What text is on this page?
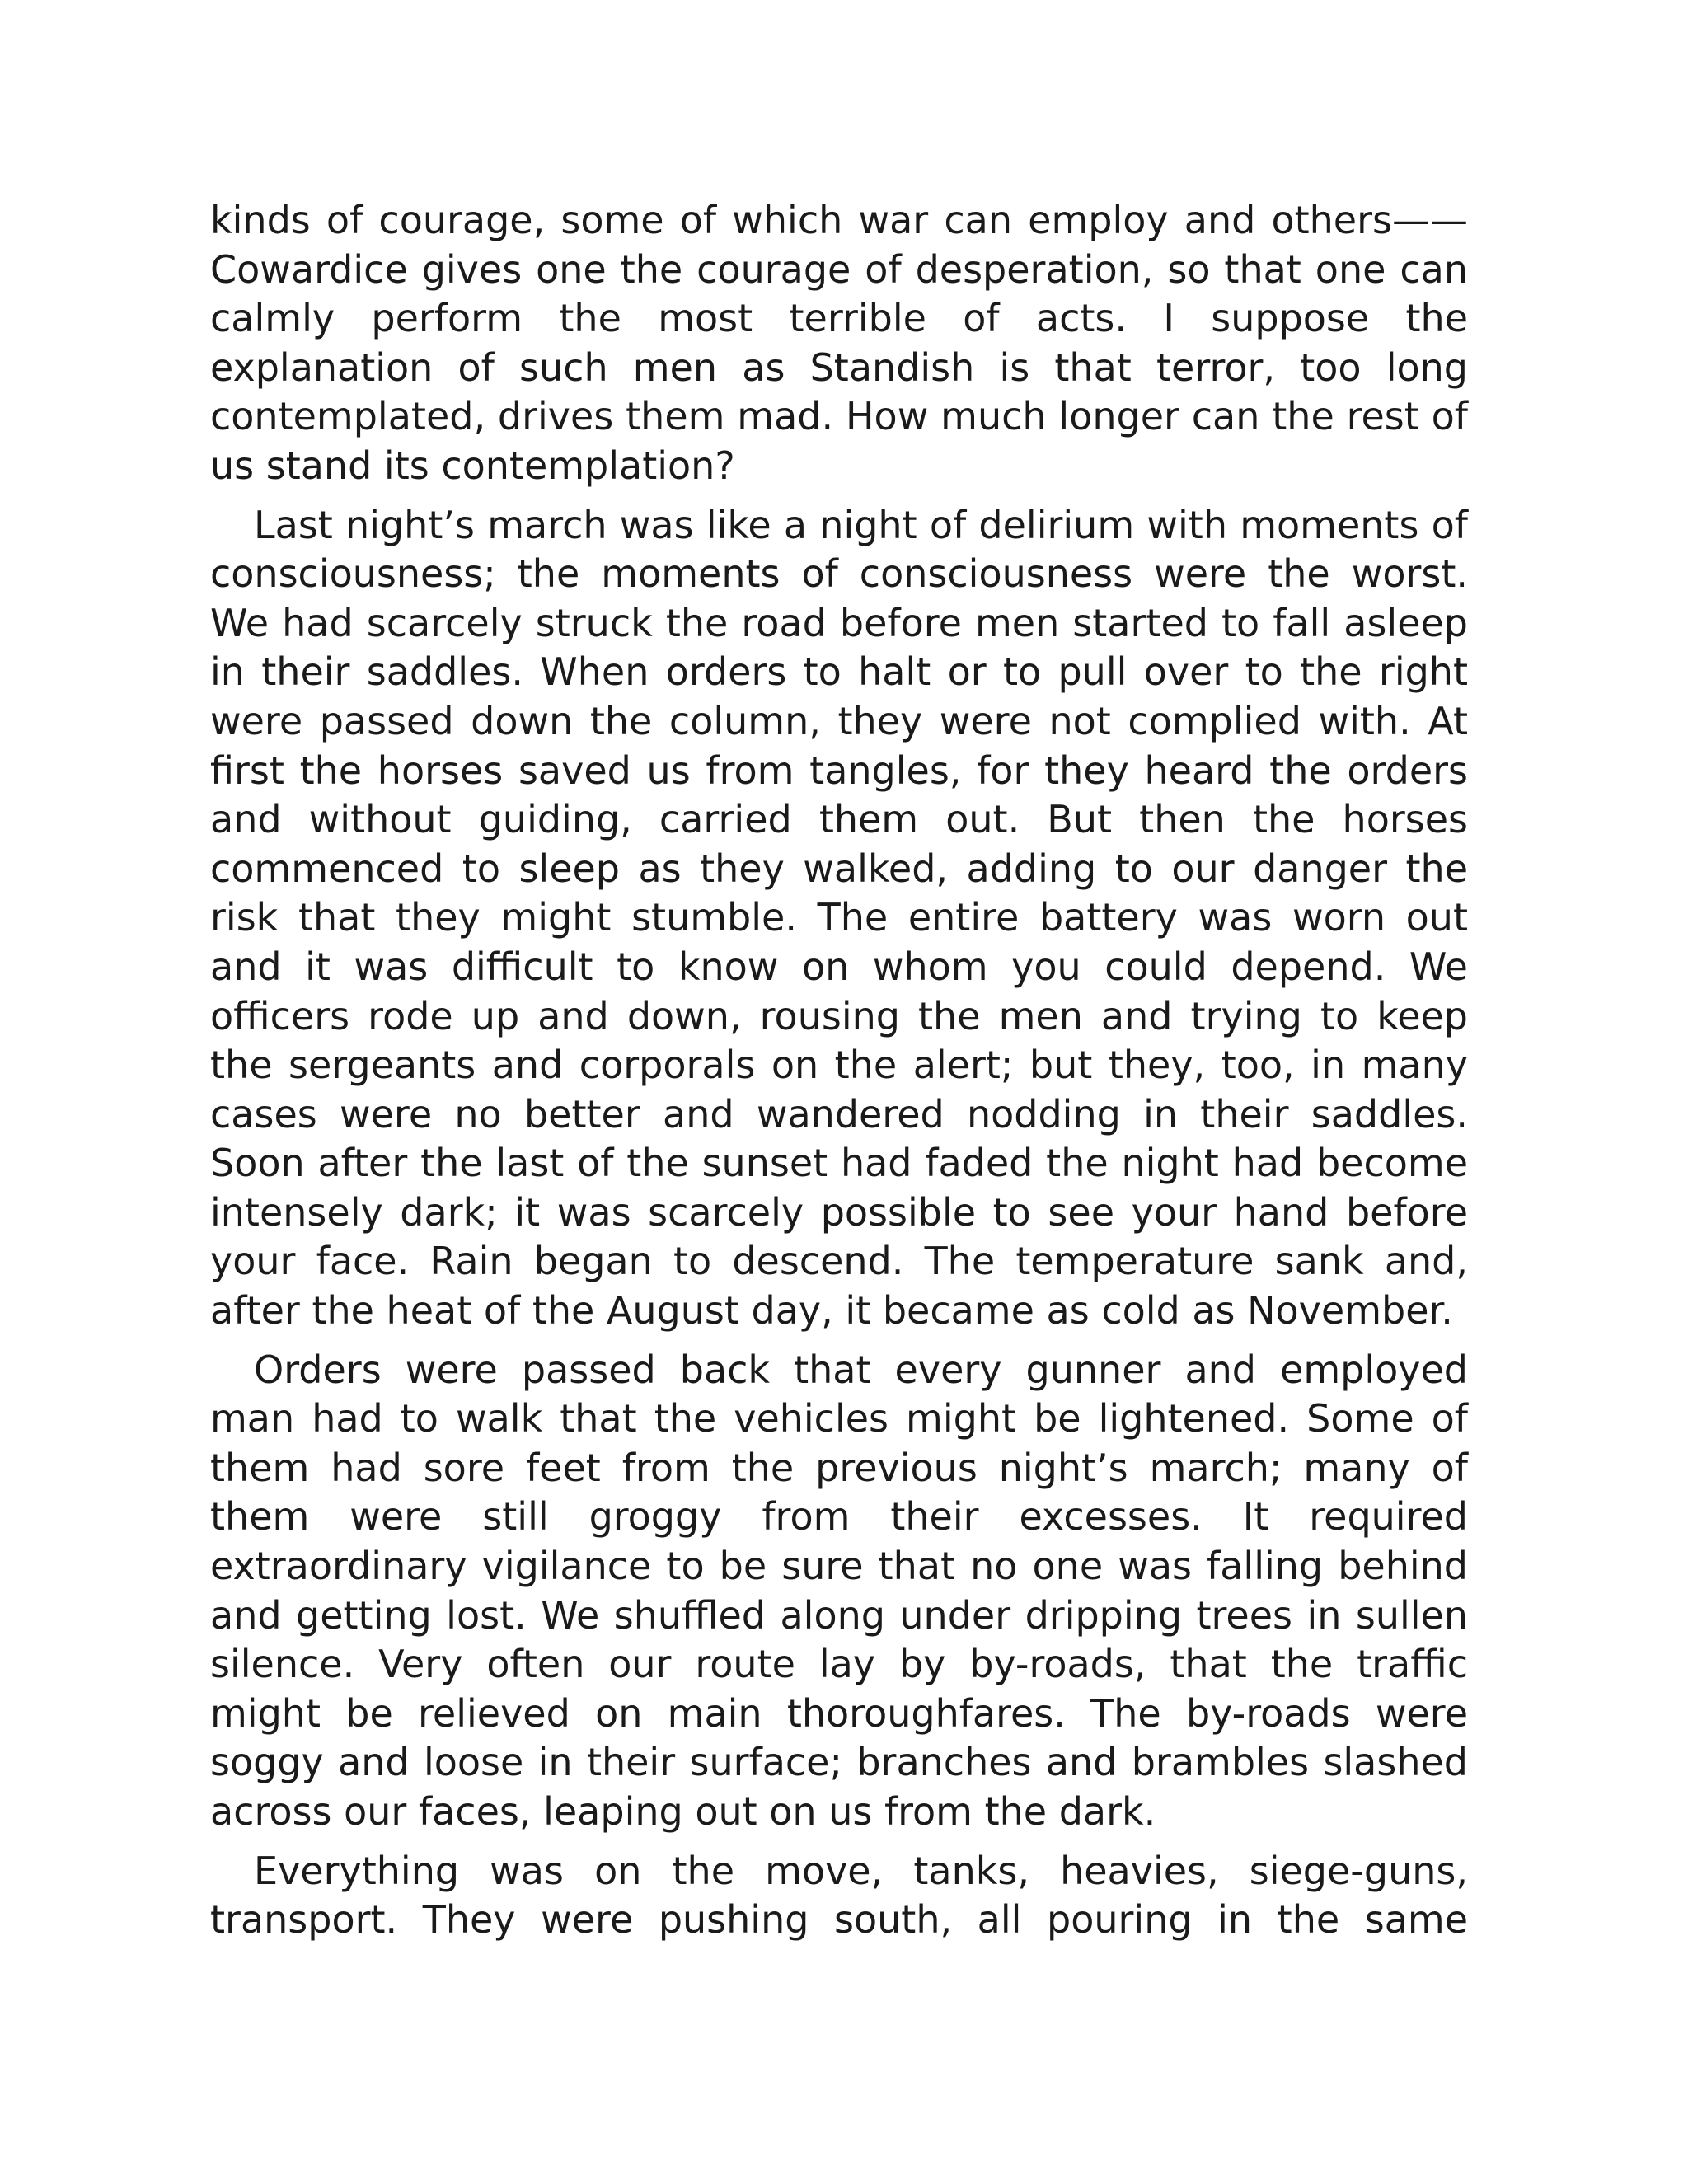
kinds of courage, some of which war can employ and others—— Cowardice gives one the courage of desperation, so that one can calmly perform the most terrible of acts. I suppose the explanation of such men as Standish is that terror, too long contemplated, drives them mad. How much longer can the rest of us stand its contemplation?

Last night’s march was like a night of delirium with moments of consciousness; the moments of consciousness were the worst. We had scarcely struck the road before men started to fall asleep in their saddles. When orders to halt or to pull over to the right were passed down the column, they were not complied with. At first the horses saved us from tangles, for they heard the orders and without guiding, carried them out. But then the horses commenced to sleep as they walked, adding to our danger the risk that they might stumble. The entire battery was worn out and it was difficult to know on whom you could depend. We officers rode up and down, rousing the men and trying to keep the sergeants and corporals on the alert; but they, too, in many cases were no better and wandered nodding in their saddles. Soon after the last of the sunset had faded the night had become intensely dark; it was scarcely possible to see your hand before your face. Rain began to descend. The temperature sank and, after the heat of the August day, it became as cold as November.

Orders were passed back that every gunner and employed man had to walk that the vehicles might be lightened. Some of them had sore feet from the previous night’s march; many of them were still groggy from their excesses. It required extraordinary vigilance to be sure that no one was falling behind and getting lost. We shuffled along under dripping trees in sullen silence. Very often our route lay by by-roads, that the traffic might be relieved on main thoroughfares. The by-roads were soggy and loose in their surface; branches and brambles slashed across our faces, leaping out on us from the dark.

Everything was on the move, tanks, heavies, siege-guns, transport. They were pushing south, all pouring in the same
